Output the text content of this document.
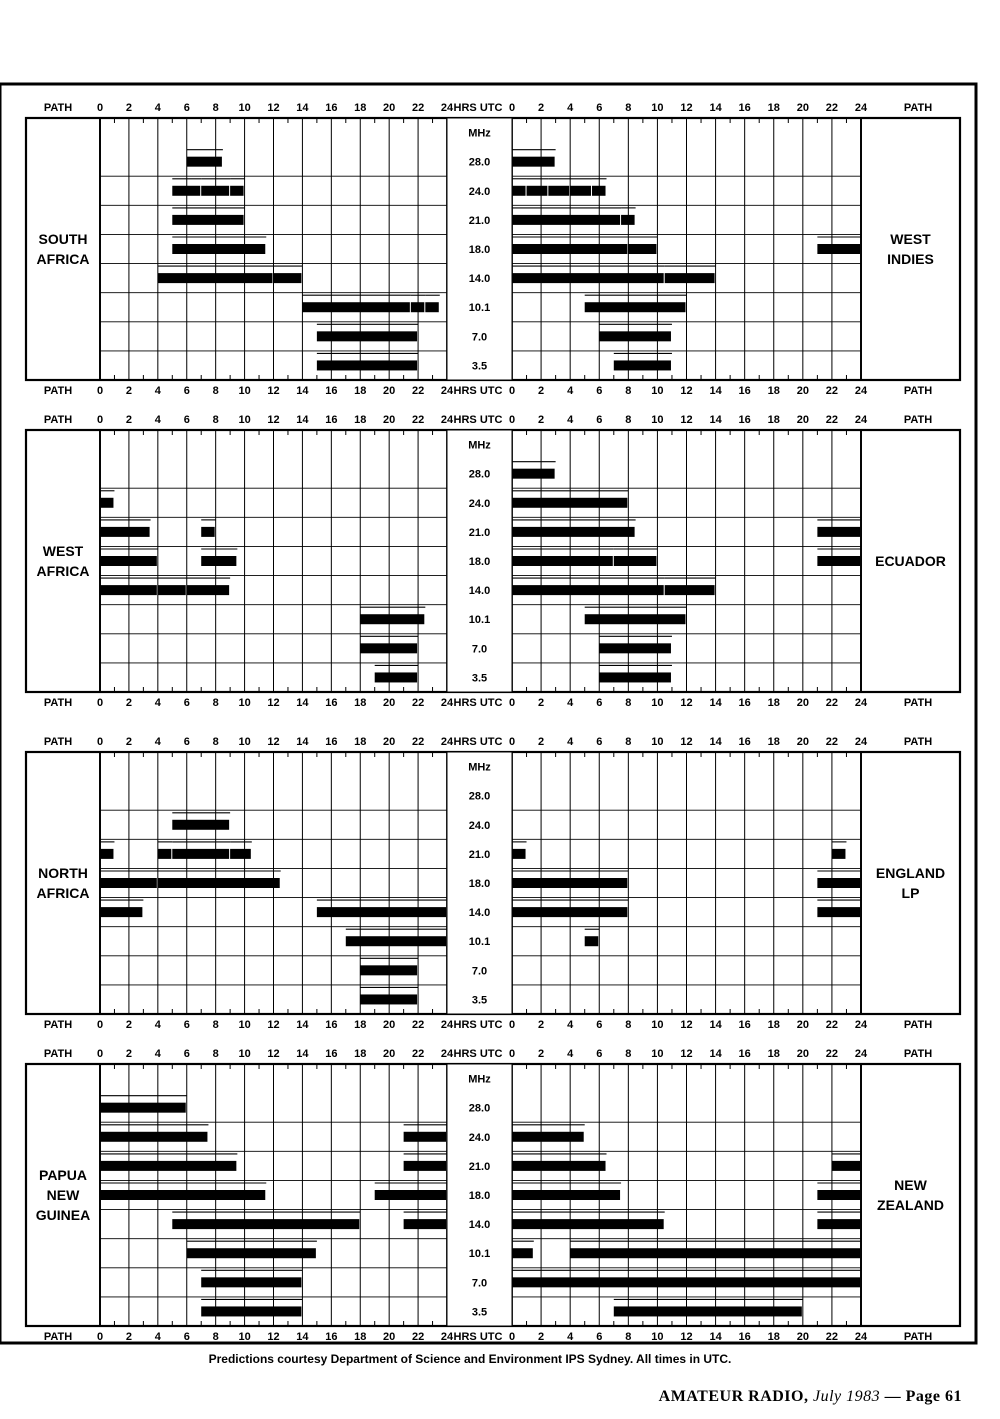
SOUTH
AFRICA
WEST
INDIES
MHz
28.0
24.0
21.0
18.0
14.0
10.1
7.0
3.5
PATH	PATH
HRS UTC
0	0
2	2
4	4
6	6
8	8
10	10
12	12
14	14
16	16
18	18
20	20
22	22
24	24
PATH	PATH
HRS UTC
0	0
2	2
4	4
6	6
8	8
10	10
12	12
14	14
16	16
18	18
20	20
22	22
24	24
WEST
AFRICA
ECUADOR
MHz
28.0
24.0
21.0
18.0
14.0
10.1
7.0
3.5
PATH	PATH
HRS UTC
0	0
2	2
4	4
6	6
8	8
10	10
12	12
14	14
16	16
18	18
20	20
22	22
24	24
PATH	PATH
HRS UTC
0	0
2	2
4	4
6	6
8	8
10	10
12	12
14	14
16	16
18	18
20	20
22	22
24	24
NORTH
AFRICA
ENGLAND
LP
MHz
28.0
24.0
21.0
18.0
14.0
10.1
7.0
3.5
PATH	PATH
HRS UTC
0	0
2	2
4	4
6	6
8	8
10	10
12	12
14	14
16	16
18	18
20	20
22	22
24	24
PATH	PATH
HRS UTC
0	0
2	2
4	4
6	6
8	8
10	10
12	12
14	14
16	16
18	18
20	20
22	22
24	24
PAPUA
NEW
GUINEA
NEW
ZEALAND
MHz
28.0
24.0
21.0
18.0
14.0
10.1
7.0
3.5
PATH	PATH
HRS UTC
0	0
2	2
4	4
6	6
8	8
10	10
12	12
14	14
16	16
18	18
20	20
22	22
24	24
PATH	PATH
HRS UTC
0	0
2	2
4	4
6	6
8	8
10	10
12	12
14	14
16	16
18	18
20	20
22	22
24	24
Predictions courtesy Department of Science and Environment IPS Sydney. All times in UTC.
AMATEUR RADIO, July 1983 — Page 61
